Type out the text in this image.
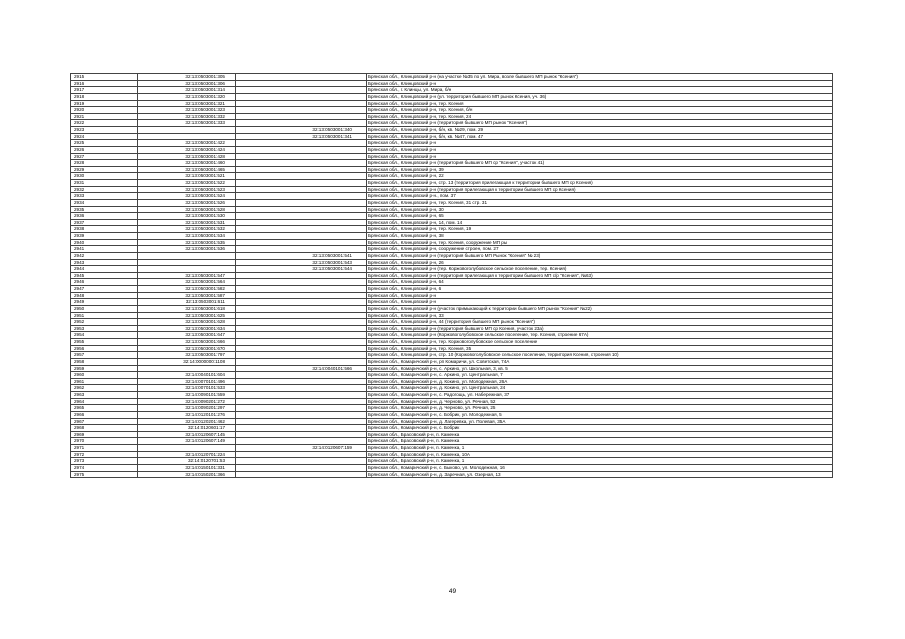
2915	32:13:0503001:305		Брянская обл., Клинцовский р-н (на участке №35 по ул. Мира, возле бывшего МП рынок "Ксения")
2916	32:13:0503001:306		Брянская обл., Клинцовский р-н
2917	32:13:0503001:314		Брянская обл., г. Клинцы, ул. Мира, б/н
2918	32:13:0503001:320		Брянская обл., Клинцовский р-н (ул. территория бывшего МП рынок Ксения, уч. 36)
2919	32:13:0503001:321		Брянская обл., Клинцовский р-н, тер. Ксения
2920	32:13:0503001:323		Брянская обл., Клинцовский р-н, тер. Ксения, б/н
2921	32:13:0503001:332		Брянская обл., Клинцовский р-н, тер. Ксения, 24
2922	32:13:0503001:333		Брянская обл., Клинцовский р-н (территория бывшего МП рынок "Ксения")
2923		32:13:0503001:340	Брянская обл., Клинцовский р-н, б/н, кв. №29, пом. 29
2924		32:13:0503001:341	Брянская обл., Клинцовский р-н, б/н, кв. №47, пом. 47
2925	32:13:0503001:422		Брянская обл., Клинцовский р-н
2926	32:13:0503001:424		Брянская обл., Клинцовский р-н
2927	32:13:0503001:428		Брянская обл., Клинцовский р-н
2928	32:13:0503001:460		Брянская обл., Клинцовский р-н (территория бывшего МП ср "Ксения", участок 41)
2929	32:13:0503001:465		Брянская обл., Клинцовский р-н, 39
2930	32:13:0503001:521		Брянская обл., Клинцовский р-н, 22
2931	32:13:0503001:522		Брянская обл., Клинцовский р-н, стр. 13 (территория прилегающая к территории бывшего МП ср Ксения)
2932	32:13:0503001:523		Брянская обл., Клинцовский р-н (территория прилегающая к территории бывшего МП ср Ксения)
2933	32:13:0503001:524		Брянская обл., Клинцовский р-н., пом. 37
2934	32:13:0503001:526		Брянская обл., Клинцовский р-н, тер. Ксения, 31 стр. 31
2935	32:13:0503001:528		Брянская обл., Клинцовский р-н, 30
2936	32:13:0503001:530		Брянская обл., Клинцовский р-н, 65
2937	32:13:0503001:531		Брянская обл., Клинцовский р-н, 14, пом. 14
2938	32:13:0503001:532		Брянская обл., Клинцовский р-н, тер. Ксения, 19
2939	32:13:0503001:534		Брянская обл., Клинцовский р-н, 38
2940	32:13:0503001:535		Брянская обл., Клинцовский р-н, тер. Ксения, сооружение МП ры
2941	32:13:0503001:536		Брянская обл., Клинцовский р-н, сооружение строен, пом. 27
2942		32:13:0503001:541	Брянская обл., Клинцовский р-н (территория бывшего МП Рынок "Ксения" № 23)
2943		32:13:0503001:543	Брянская обл., Клинцовский р-н, 26
2944		32:13:0503001:544	Брянская обл., Клинцовский р-н (тер. Коржовоголубовское сельское поселение, тер. Ксения)
2945	32:13:0503001:547		Брянская обл., Клинцовский р-н (территория прилегающая к территории бывшего МП с/р "Ксения", №63)
2946	32:13:0503001:564		Брянская обл., Клинцовский р-н, 64
2947	32:13:0503001:582		Брянская обл., Клинцовский р-н, 6
2948	32:13:0503001:587		Брянская обл., Клинцовский р-н
2949	32:13:0503001:611		Брянская обл., Клинцовский р-н
2950	32:13:0503001:618		Брянская обл., Клинцовский р-н (участок примыкающий к территории бывшего МП рынок "Ксения" №22)
2951	32:13:0503001:625		Брянская обл., Клинцовский р-н, 33
2952	32:13:0503001:628		Брянская обл., Клинцовский р-н, 44 (территория бывшего МП рынок "Ксения")
2953	32:13:0503001:634		Брянская обл., Клинцовский р-н (территория бывшего МП ср Ксения, участок 23а)
2954	32:13:0503001:647		Брянская обл., Клинцовский р-н (Коржовоголубовское сельское поселение, тер. Ксения, строение 67А)
2955	32:13:0503001:666		Брянская обл., Клинцовский р-н, тер. Коржовоголубовское сельское поселение
2956	32:13:0503001:670		Брянская обл., Клинцовский р-н, тер. Ксения, 35
2957	32:13:0503001:797		Брянская обл., Клинцовский р-н, стр. 10 (Коржовоголубовское сельское поселение, территория Ксения, строения 10)
2958	32:14:0000000:1108		Брянская обл., Комаричский р-н, рп Комаричи, ул. Советская, 74А
2959		32:14:0040101:566	Брянская обл., Комаричский р-н, с. Аркино, ул. Школьная, 3, кв. 5
2960	32:14:0040101:604		Брянская обл., Комаричский р-н, с. Аркино, ул. Центральная, 7
2961	32:14:0070101:496		Брянская обл., Комаричский р-н, д. Кокино, ул. Молодежная, 26А
2962	32:14:0070101:533		Брянская обл., Комаричский р-н, д. Кокино, ул. Центральная, 24
2963	32:14:0090101:559		Брянская обл., Комаричский р-н, с. Радогощь, ул. Набережная, 37
2964	32:14:0090201:272		Брянская обл., Комаричский р-н, д. Черново, ул. Речная, 52
2965	32:14:0090201:297		Брянская обл., Комаричский р-н, д. Черново, ул. Речная, 25
2966	32:14:0120101:276		Брянская обл., Комаричский р-н, с. Бобрик, ул. Молодежная, 5
2967	32:14:0120201:462		Брянская обл., Комаричский р-н, д. Лагеревка, ул. Полевая, 35А
2968	32:14:0120601:17		Брянская обл., Комаричский р-н, с. Бобрик
2969	32:14:0120607:145		Брянская обл., Брасовский р-н, п. Каменка
2970	32:14:0120607:149		Брянская обл., Брасовский р-н, п. Каменка
2971		32:14:0120607:159	Брянская обл., Брасовский р-н, п. Каменка, 1
2972	32:14:0120701:224		Брянская обл., Брасовский р-н, п. Каменка, 10А
2973	32:14:0120701:53		Брянская обл., Брасовский р-н, п. Каменка, 1
2974	32:14:0150101:331		Брянская обл., Комаричский р-н, с. Быково, ул. Молодежная, 16
2975	32:14:0150201:366		Брянская обл., Комаричский р-н, д. Заречная, ул. Озерная, 13
49
